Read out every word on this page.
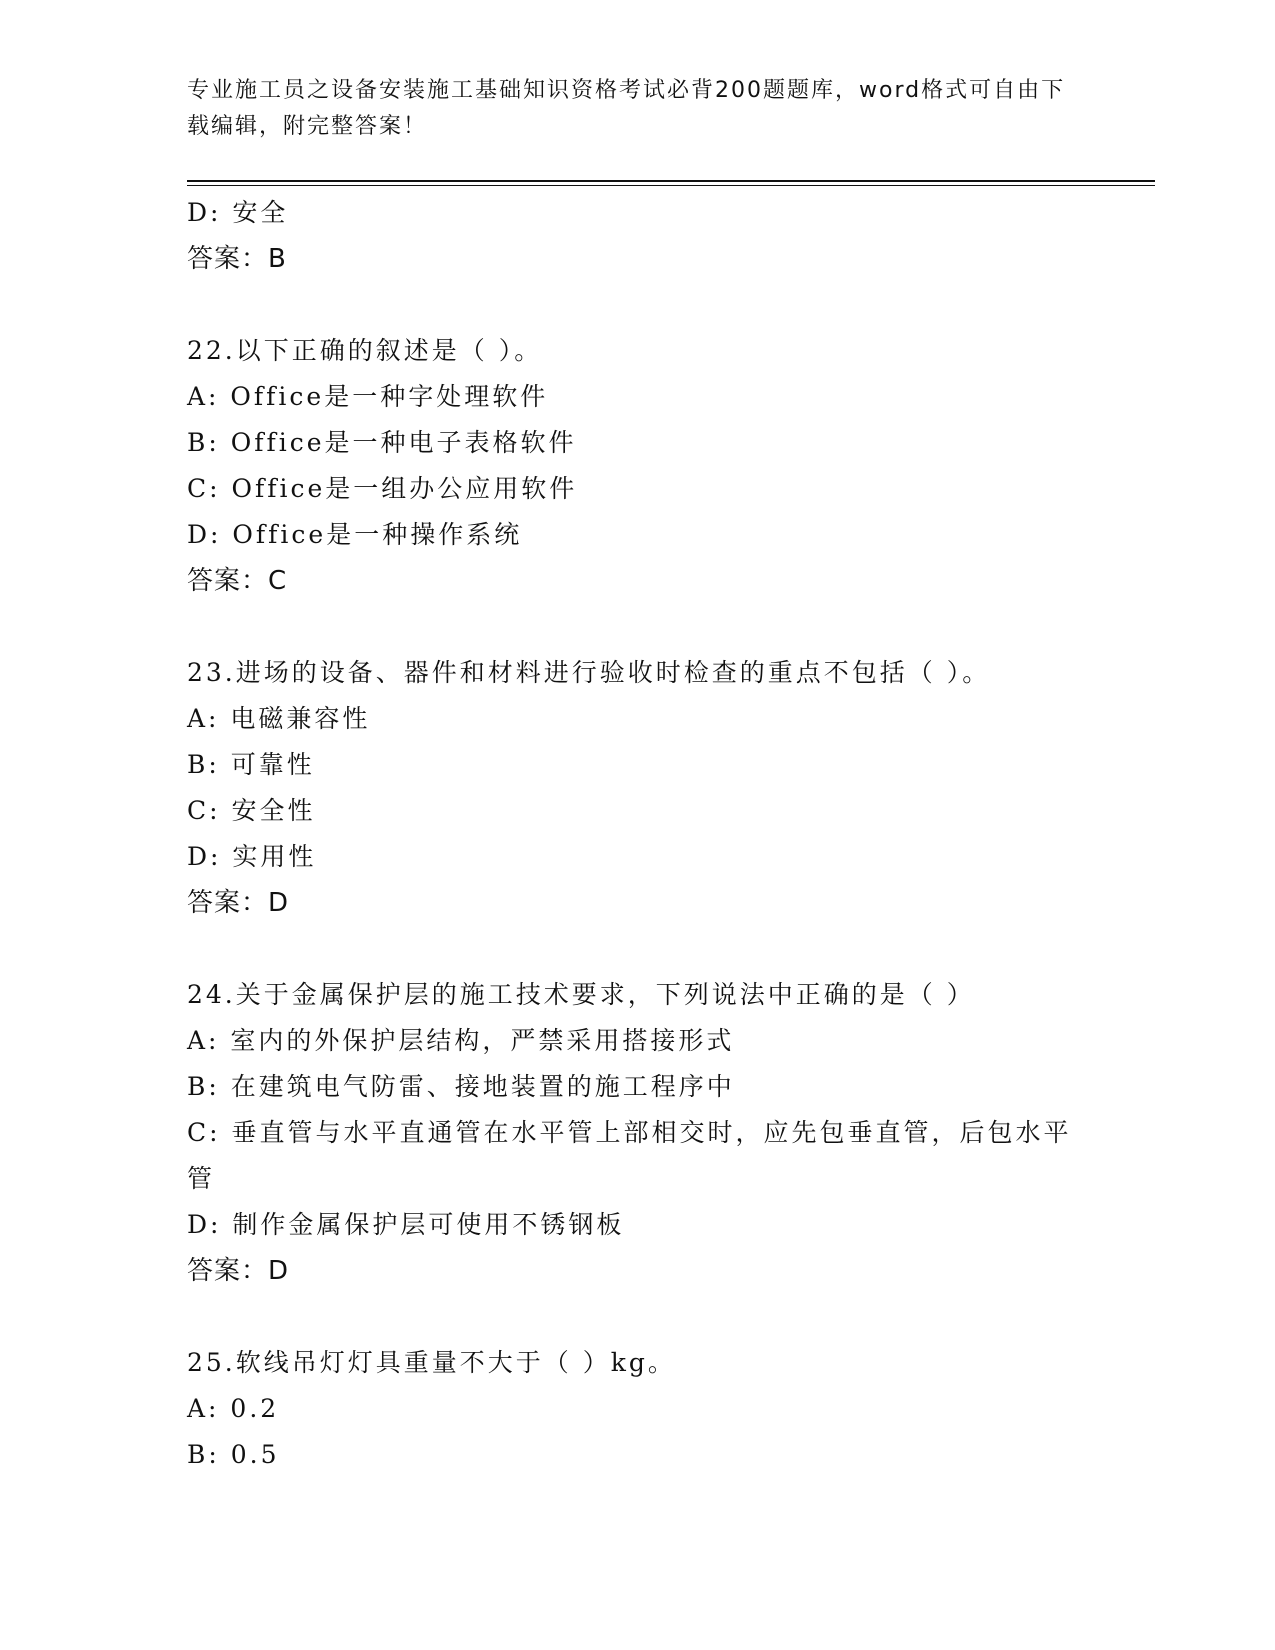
专业施工员之设备安装施工基础知识资格考试必背200题题库，word格式可自由下载编辑，附完整答案！
D: 安全
答案：B
22.以下正确的叙述是（ ）。
A: Office是一种字处理软件
B: Office是一种电子表格软件
C: Office是一组办公应用软件
D: Office是一种操作系统
答案：C
23.进场的设备、器件和材料进行验收时检查的重点不包括（ ）。
A: 电磁兼容性
B: 可靠性
C: 安全性
D: 实用性
答案：D
24.关于金属保护层的施工技术要求，下列说法中正确的是（ ）
A: 室内的外保护层结构，严禁采用搭接形式
B: 在建筑电气防雷、接地装置的施工程序中
C: 垂直管与水平直通管在水平管上部相交时，应先包垂直管，后包水平管
D: 制作金属保护层可使用不锈钢板
答案：D
25.软线吊灯灯具重量不大于（ ）kg。
A: 0.2
B: 0.5
